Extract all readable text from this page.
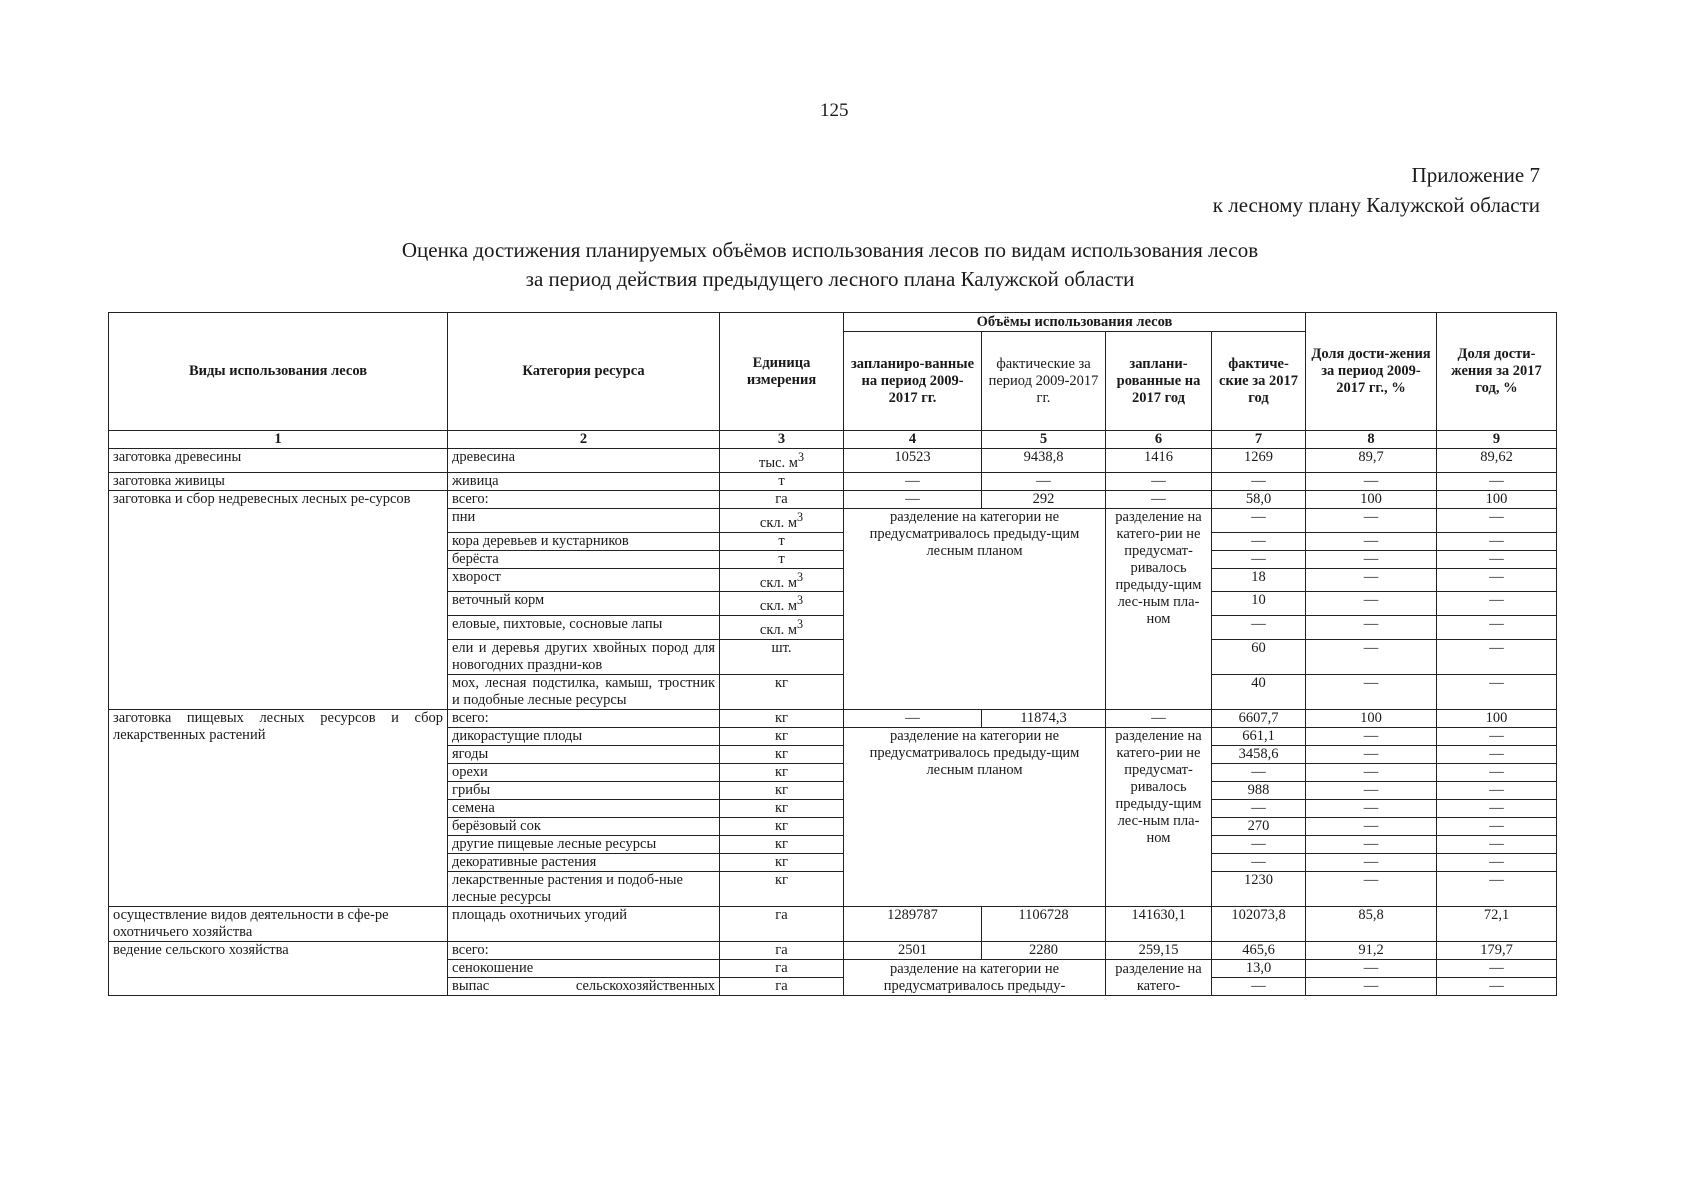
125
Приложение 7
к лесному плану Калужской области
Оценка достижения планируемых объёмов использования лесов по видам использования лесов
за период действия предыдущего лесного плана Калужской области
Виды использования лесов	Категория ресурса	Единица измерения	Объёмы использования лесов				Доля дости-жения за период 2009-2017 гг., %	Доля дости-жения за 2017 год, %
			запланиро-ванные на период 2009-2017 гг.	фактические за период 2009-2017 гг.	заплани-рованные на 2017 год	фактиче-ские за 2017 год		
1	2	3	4	5	6	7	8	9
заготовка древесины	древесина	тыс. $м^3$	10523	9438,8	1416	1269	89,7	89,62
заготовка живицы	живица	т	—	—	—	—	—	—
заготовка и сбор недревесных лесных ре-сурсов	всего:	га	—	292	—	58,0	100	100
	пни	скл. $м^3$	разделение на категории не предусматривалось предыду-щим лесным планом		разделение на катего-рии не предусмат-ривалось предыду-щим лес-ным пла-ном	—	—	—
	кора деревьев и кустарников	т				—	—	—
	берёста	т				—	—	—
	хворост	скл. $м^3$				18	—	—
	веточный корм	скл. $м^3$				10	—	—
	еловые, пихтовые, сосновые лапы	скл. $м^3$				—	—	—
	ели и деревья других хвойных пород для новогодних праздни-ков	шт.				60	—	—

	мох, лесная подстилка, камыш, тростник и подобные лесные ресурсы	кг				40	—	—
заготовка пищевых лесных ресурсов и сбор лекарственных растений	всего:	кг	—	11874,3	—	6607,7	100	100
	дикорастущие плоды	кг	разделение на категории не предусматривалось предыду-щим лесным планом		разделение на катего-рии не предусмат-ривалось предыду-щим лес-ным пла-ном	661,1	—	—
	ягоды	кг				3458,6	—	—
	орехи	кг				—	—	—
	грибы	кг				988	—	—
	семена	кг				—	—	—
	берёзовый сок	кг				270	—	—
	другие пищевые лесные ресурсы	кг				—	—	—
	декоративные растения	кг				—	—	—
	лекарственные растения и подоб-ные лесные ресурсы	кг				1230	—	—
осуществление видов деятельности в сфе-ре охотничьего хозяйства	площадь охотничьих угодий	га	1289787	1106728	141630,1	102073,8	85,8	72,1
ведение сельского хозяйства	всего:	га	2501	2280	259,15	465,6	91,2	179,7
	сенокошение	га	разделение на категории не предусматривалось предыду-		разделение на катего-	13,0	—	—
	выпас сельскохозяйственных	га				—	—	—
